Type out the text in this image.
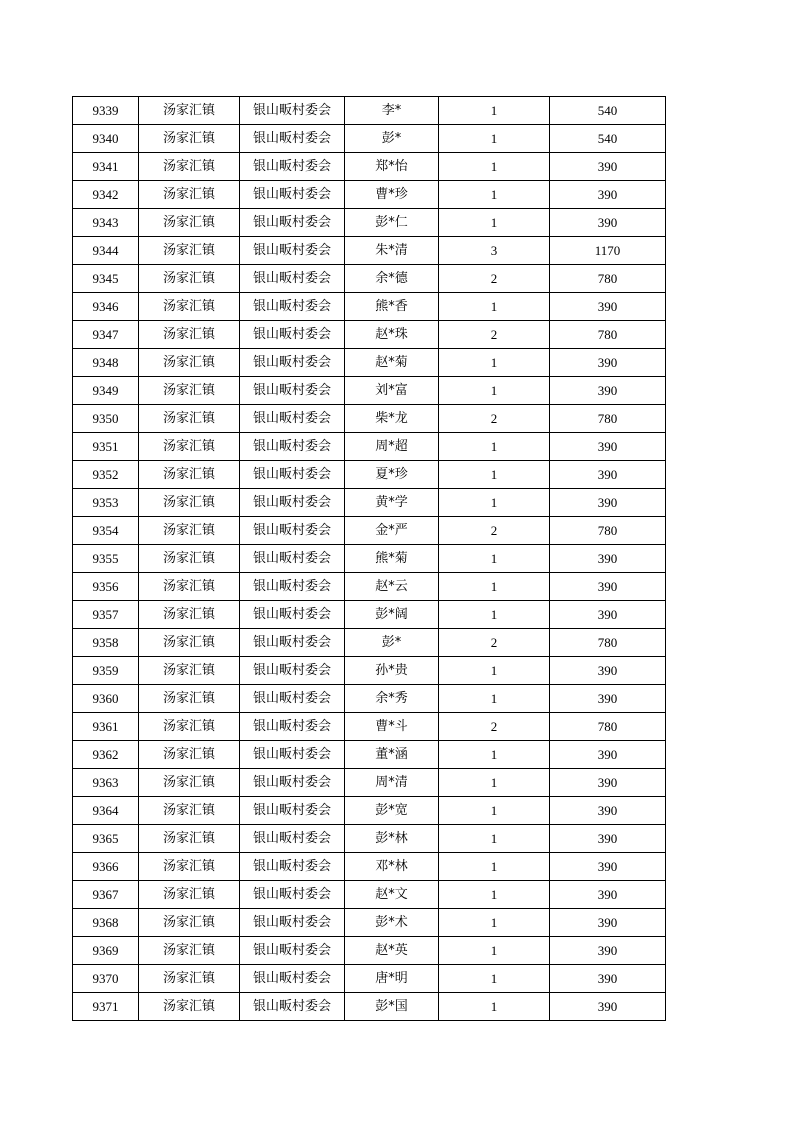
9339	汤家汇镇	银山畈村委会	李*	1	540
9340	汤家汇镇	银山畈村委会	彭*	1	540
9341	汤家汇镇	银山畈村委会	郑*怡	1	390
9342	汤家汇镇	银山畈村委会	曹*珍	1	390
9343	汤家汇镇	银山畈村委会	彭*仁	1	390
9344	汤家汇镇	银山畈村委会	朱*清	3	1170
9345	汤家汇镇	银山畈村委会	余*德	2	780
9346	汤家汇镇	银山畈村委会	熊*香	1	390
9347	汤家汇镇	银山畈村委会	赵*珠	2	780
9348	汤家汇镇	银山畈村委会	赵*菊	1	390
9349	汤家汇镇	银山畈村委会	刘*富	1	390
9350	汤家汇镇	银山畈村委会	柴*龙	2	780
9351	汤家汇镇	银山畈村委会	周*超	1	390
9352	汤家汇镇	银山畈村委会	夏*珍	1	390
9353	汤家汇镇	银山畈村委会	黄*学	1	390
9354	汤家汇镇	银山畈村委会	金*严	2	780
9355	汤家汇镇	银山畈村委会	熊*菊	1	390
9356	汤家汇镇	银山畈村委会	赵*云	1	390
9357	汤家汇镇	银山畈村委会	彭*阔	1	390
9358	汤家汇镇	银山畈村委会	彭*	2	780
9359	汤家汇镇	银山畈村委会	孙*贵	1	390
9360	汤家汇镇	银山畈村委会	余*秀	1	390
9361	汤家汇镇	银山畈村委会	曹*斗	2	780
9362	汤家汇镇	银山畈村委会	董*涵	1	390
9363	汤家汇镇	银山畈村委会	周*清	1	390
9364	汤家汇镇	银山畈村委会	彭*宽	1	390
9365	汤家汇镇	银山畈村委会	彭*林	1	390
9366	汤家汇镇	银山畈村委会	邓*林	1	390
9367	汤家汇镇	银山畈村委会	赵*文	1	390
9368	汤家汇镇	银山畈村委会	彭*术	1	390
9369	汤家汇镇	银山畈村委会	赵*英	1	390
9370	汤家汇镇	银山畈村委会	唐*明	1	390
9371	汤家汇镇	银山畈村委会	彭*国	1	390
